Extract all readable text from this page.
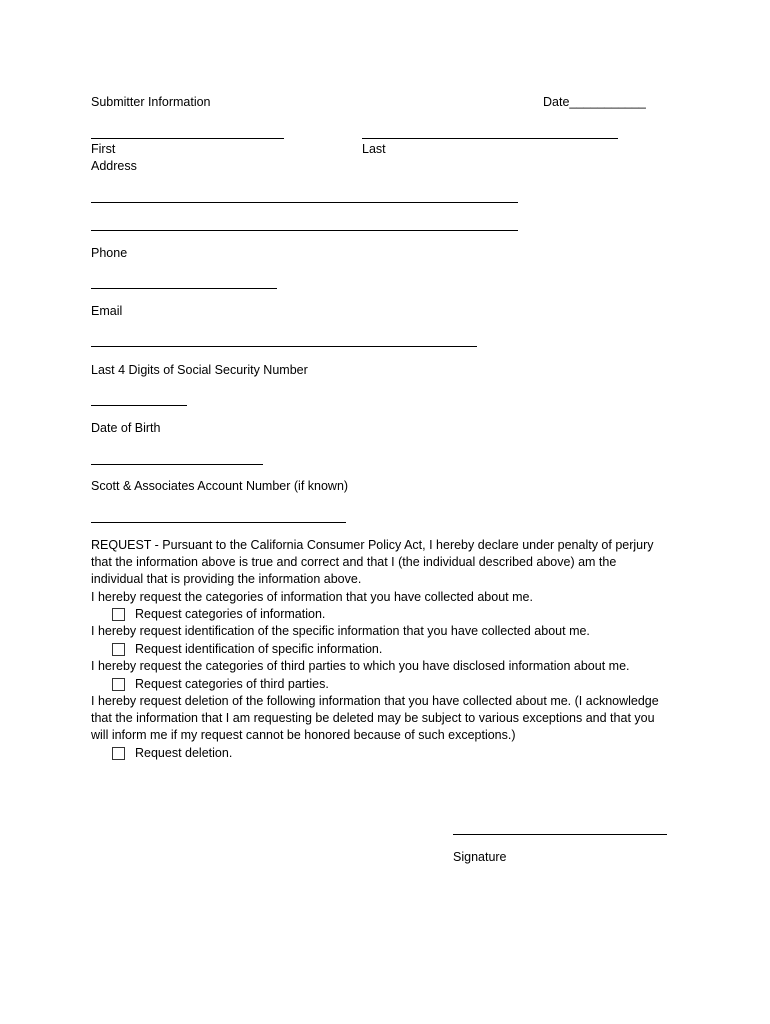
Submitter Information	Date___________
First	Last
Address
Phone
Email
Last 4 Digits of Social Security Number
Date of Birth
Scott & Associates Account Number (if known)
REQUEST - Pursuant to the California Consumer Policy Act, I hereby declare under penalty of perjury
that the information above is true and correct and that I (the individual described above) am the
individual that is providing the information above.
I hereby request the categories of information that you have collected about me.
Request categories of information.
I hereby request identification of the specific information that you have collected about me.
Request identification of specific information.
I hereby request the categories of third parties to which you have disclosed information about me.
Request categories of third parties.
I hereby request deletion of the following information that you have collected about me. (I acknowledge
that the information that I am requesting be deleted may be subject to various exceptions and that you
will inform me if my request cannot be honored because of such exceptions.)
Request deletion.
Signature
